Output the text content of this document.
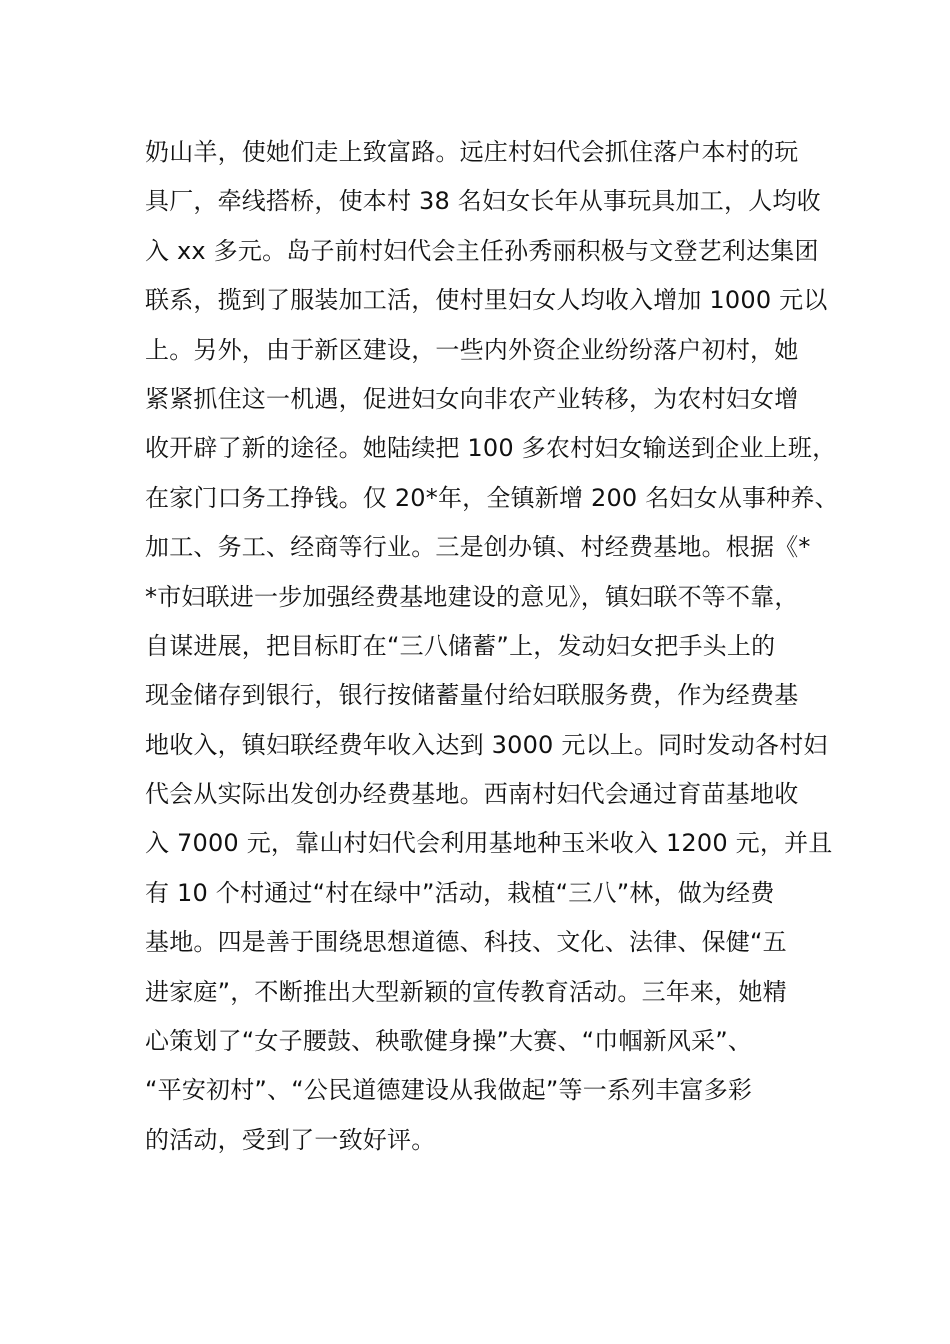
奶山羊，使她们走上致富路。远庄村妇代会抓住落户本村的玩
具厂，牵线搭桥，使本村 38 名妇女长年从事玩具加工，人均收
入 xx 多元。岛子前村妇代会主任孙秀丽积极与文登艺利达集团
联系，揽到了服装加工活，使村里妇女人均收入增加 1000 元以
上。另外，由于新区建设，一些内外资企业纷纷落户初村，她
紧紧抓住这一机遇，促进妇女向非农产业转移，为农村妇女增
收开辟了新的途径。她陆续把 100 多农村妇女输送到企业上班，
在家门口务工挣钱。仅 20*年，全镇新增 200 名妇女从事种养、
加工、务工、经商等行业。三是创办镇、村经费基地。根据《*
*市妇联进一步加强经费基地建设的意见》，镇妇联不等不靠，
自谋进展，把目标盯在“三八储蓄”上，发动妇女把手头上的
现金储存到银行，银行按储蓄量付给妇联服务费，作为经费基
地收入，镇妇联经费年收入达到 3000 元以上。同时发动各村妇
代会从实际出发创办经费基地。西南村妇代会通过育苗基地收
入 7000 元，靠山村妇代会利用基地种玉米收入 1200 元，并且
有 10 个村通过“村在绿中”活动，栽植“三八”林，做为经费
基地。四是善于围绕思想道德、科技、文化、法律、保健“五
进家庭”，不断推出大型新颖的宣传教育活动。三年来，她精
心策划了“女子腰鼓、秧歌健身操”大赛、“巾帼新风采”、
“平安初村”、“公民道德建设从我做起”等一系列丰富多彩
的活动，受到了一致好评。
